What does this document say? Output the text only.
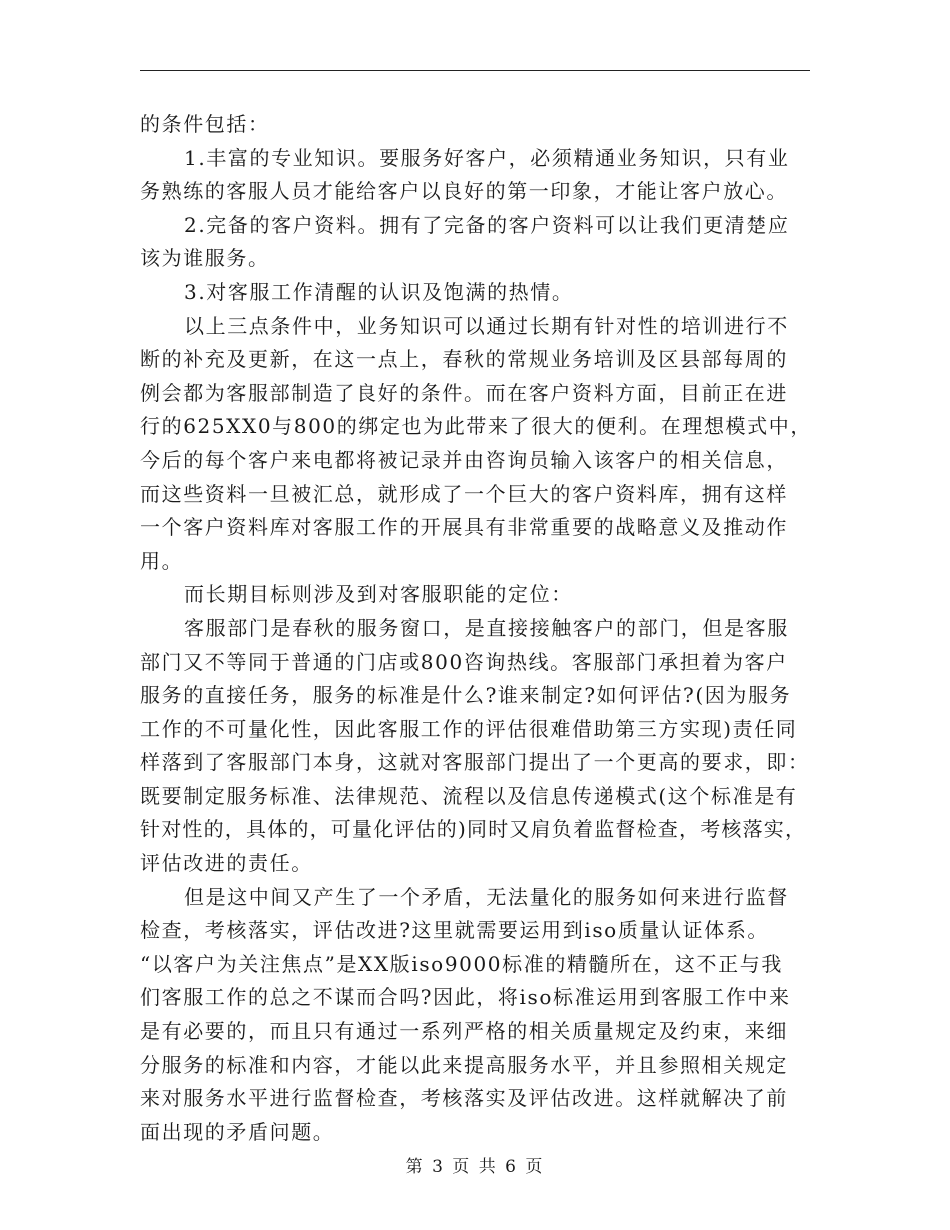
的条件包括：
1.丰富的专业知识。要服务好客户，必须精通业务知识，只有业
务熟练的客服人员才能给客户以良好的第一印象，才能让客户放心。
2.完备的客户资料。拥有了完备的客户资料可以让我们更清楚应
该为谁服务。
3.对客服工作清醒的认识及饱满的热情。
以上三点条件中，业务知识可以通过长期有针对性的培训进行不
断的补充及更新，在这一点上，春秋的常规业务培训及区县部每周的
例会都为客服部制造了良好的条件。而在客户资料方面，目前正在进
行的625XX0与800的绑定也为此带来了很大的便利。在理想模式中，
今后的每个客户来电都将被记录并由咨询员输入该客户的相关信息，
而这些资料一旦被汇总，就形成了一个巨大的客户资料库，拥有这样
一个客户资料库对客服工作的开展具有非常重要的战略意义及推动作
用。
而长期目标则涉及到对客服职能的定位：
客服部门是春秋的服务窗口，是直接接触客户的部门，但是客服
部门又不等同于普通的门店或800咨询热线。客服部门承担着为客户
服务的直接任务，服务的标准是什么?谁来制定?如何评估?(因为服务
工作的不可量化性，因此客服工作的评估很难借助第三方实现)责任同
样落到了客服部门本身，这就对客服部门提出了一个更高的要求，即：
既要制定服务标准、法律规范、流程以及信息传递模式(这个标准是有
针对性的，具体的，可量化评估的)同时又肩负着监督检查，考核落实，
评估改进的责任。
但是这中间又产生了一个矛盾，无法量化的服务如何来进行监督
检查，考核落实，评估改进?这里就需要运用到iso质量认证体系。
“以客户为关注焦点”是XX版iso9000标准的精髓所在，这不正与我
们客服工作的总之不谋而合吗?因此，将iso标准运用到客服工作中来
是有必要的，而且只有通过一系列严格的相关质量规定及约束，来细
分服务的标准和内容，才能以此来提高服务水平，并且参照相关规定
来对服务水平进行监督检查，考核落实及评估改进。这样就解决了前
面出现的矛盾问题。
第 3 页 共 6 页
